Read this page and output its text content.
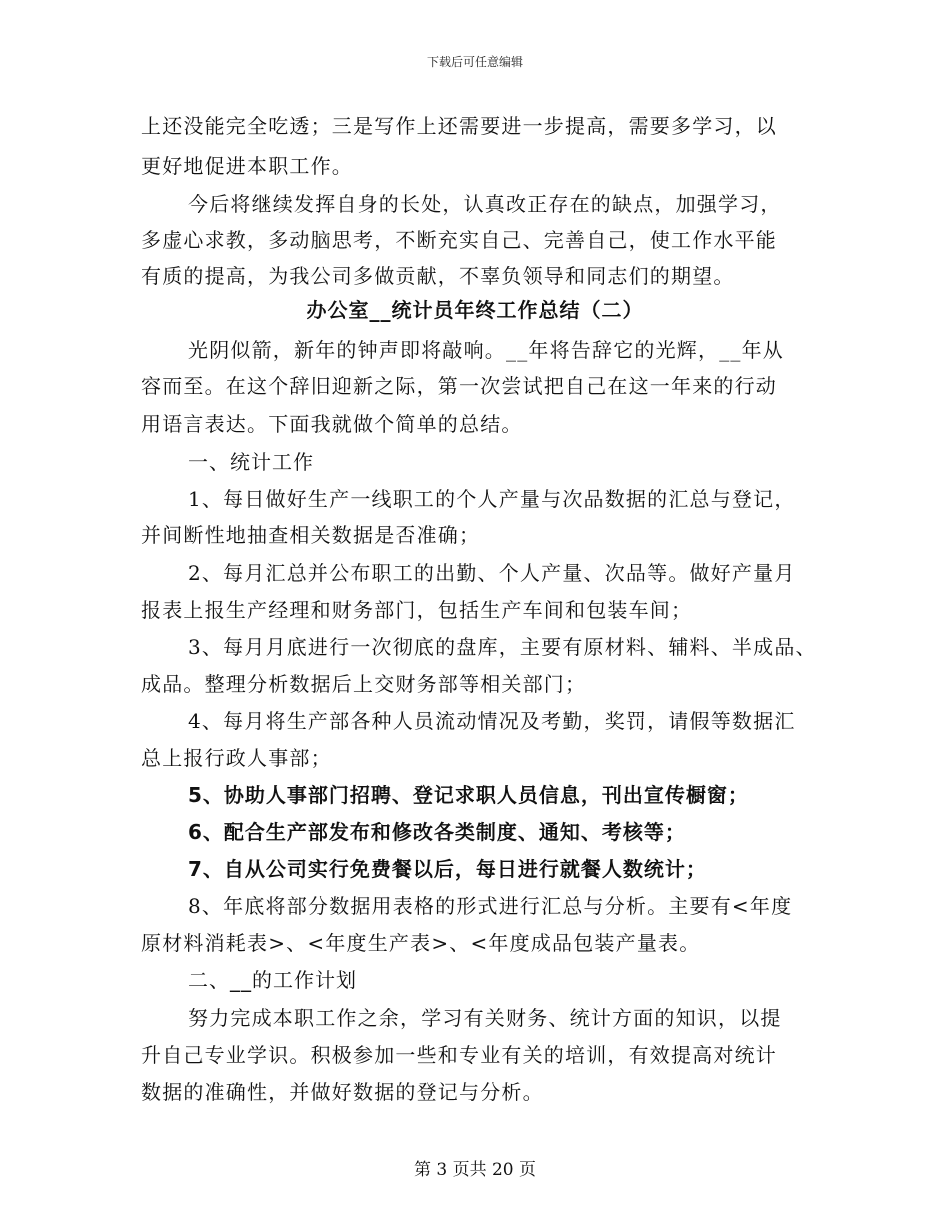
下载后可任意编辑
上还没能完全吃透；三是写作上还需要进一步提高，需要多学习，以
更好地促进本职工作。
今后将继续发挥自身的长处，认真改正存在的缺点，加强学习，
多虚心求教，多动脑思考，不断充实自己、完善自己，使工作水平能
有质的提高，为我公司多做贡献，不辜负领导和同志们的期望。
办公室__统计员年终工作总结（二）
光阴似箭，新年的钟声即将敲响。__年将告辞它的光辉，__年从
容而至。在这个辞旧迎新之际，第一次尝试把自己在这一年来的行动
用语言表达。下面我就做个简单的总结。
一、统计工作
1、每日做好生产一线职工的个人产量与次品数据的汇总与登记，
并间断性地抽查相关数据是否准确；
2、每月汇总并公布职工的出勤、个人产量、次品等。做好产量月
报表上报生产经理和财务部门，包括生产车间和包装车间；
3、每月月底进行一次彻底的盘库，主要有原材料、辅料、半成品、
成品。整理分析数据后上交财务部等相关部门；
4、每月将生产部各种人员流动情况及考勤，奖罚，请假等数据汇
总上报行政人事部；
5、协助人事部门招聘、登记求职人员信息，刊出宣传橱窗；
6、配合生产部发布和修改各类制度、通知、考核等；
7、自从公司实行免费餐以后，每日进行就餐人数统计；
8、年底将部分数据用表格的形式进行汇总与分析。主要有<年度
原材料消耗表>、<年度生产表>、<年度成品包装产量表。
二、__的工作计划
努力完成本职工作之余，学习有关财务、统计方面的知识，以提
升自己专业学识。积极参加一些和专业有关的培训，有效提高对统计
数据的准确性，并做好数据的登记与分析。
第 3 页共 20 页
